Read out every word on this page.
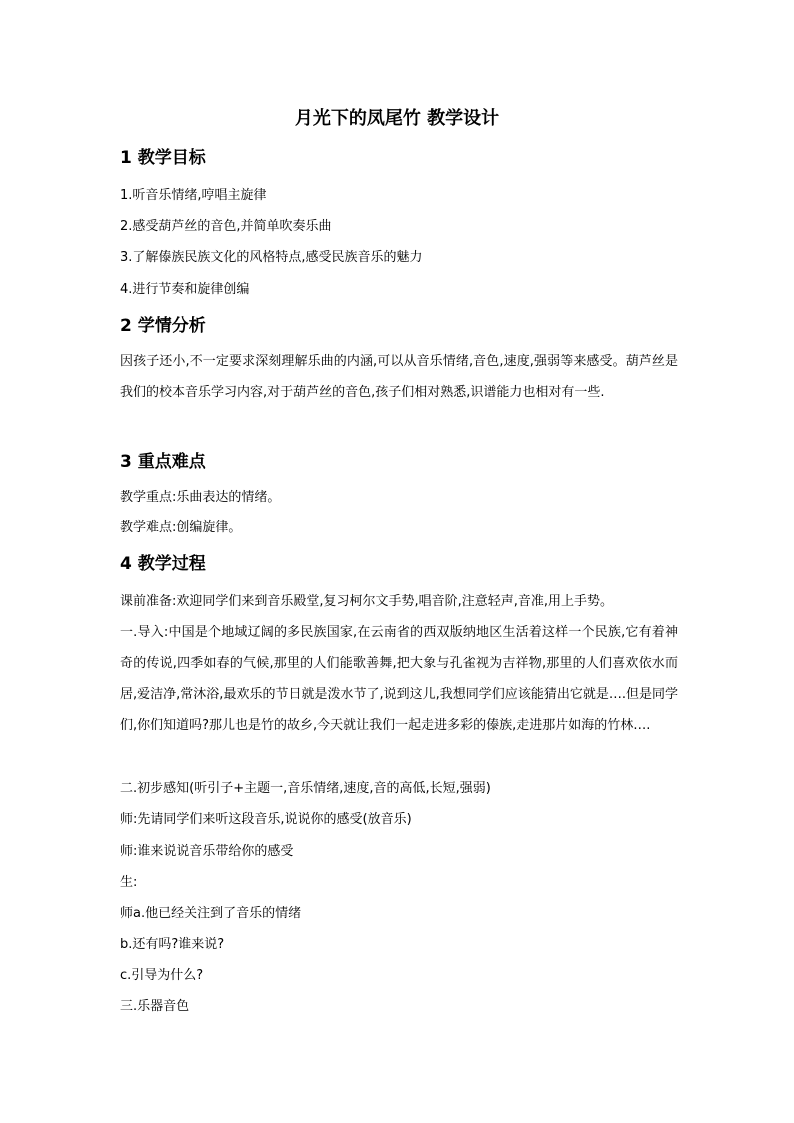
月光下的凤尾竹 教学设计
1 教学目标
1.听音乐情绪,哼唱主旋律
2.感受葫芦丝的音色,并简单吹奏乐曲
3.了解傣族民族文化的风格特点,感受民族音乐的魅力
4.进行节奏和旋律创编
2 学情分析
因孩子还小,不一定要求深刻理解乐曲的内涵,可以从音乐情绪,音色,速度,强弱等来感受。葫芦丝是我们的校本音乐学习内容,对于葫芦丝的音色,孩子们相对熟悉,识谱能力也相对有一些.
3 重点难点
教学重点:乐曲表达的情绪。
教学难点:创编旋律。
4 教学过程
课前准备:欢迎同学们来到音乐殿堂,复习柯尔文手势,唱音阶,注意轻声,音准,用上手势。
一.导入:中国是个地域辽阔的多民族国家,在云南省的西双版纳地区生活着这样一个民族,它有着神奇的传说,四季如春的气候,那里的人们能歌善舞,把大象与孔雀视为吉祥物,那里的人们喜欢依水而居,爱洁净,常沐浴,最欢乐的节日就是泼水节了,说到这儿,我想同学们应该能猜出它就是….但是同学们,你们知道吗?那儿也是竹的故乡,今天就让我们一起走进多彩的傣族,走进那片如海的竹林….
二.初步感知(听引子+主题一,音乐情绪,速度,音的高低,长短,强弱)
师:先请同学们来听这段音乐,说说你的感受(放音乐)
师:谁来说说音乐带给你的感受
生:
师a.他已经关注到了音乐的情绪
b.还有吗?谁来说?
c.引导为什么?
三.乐器音色
